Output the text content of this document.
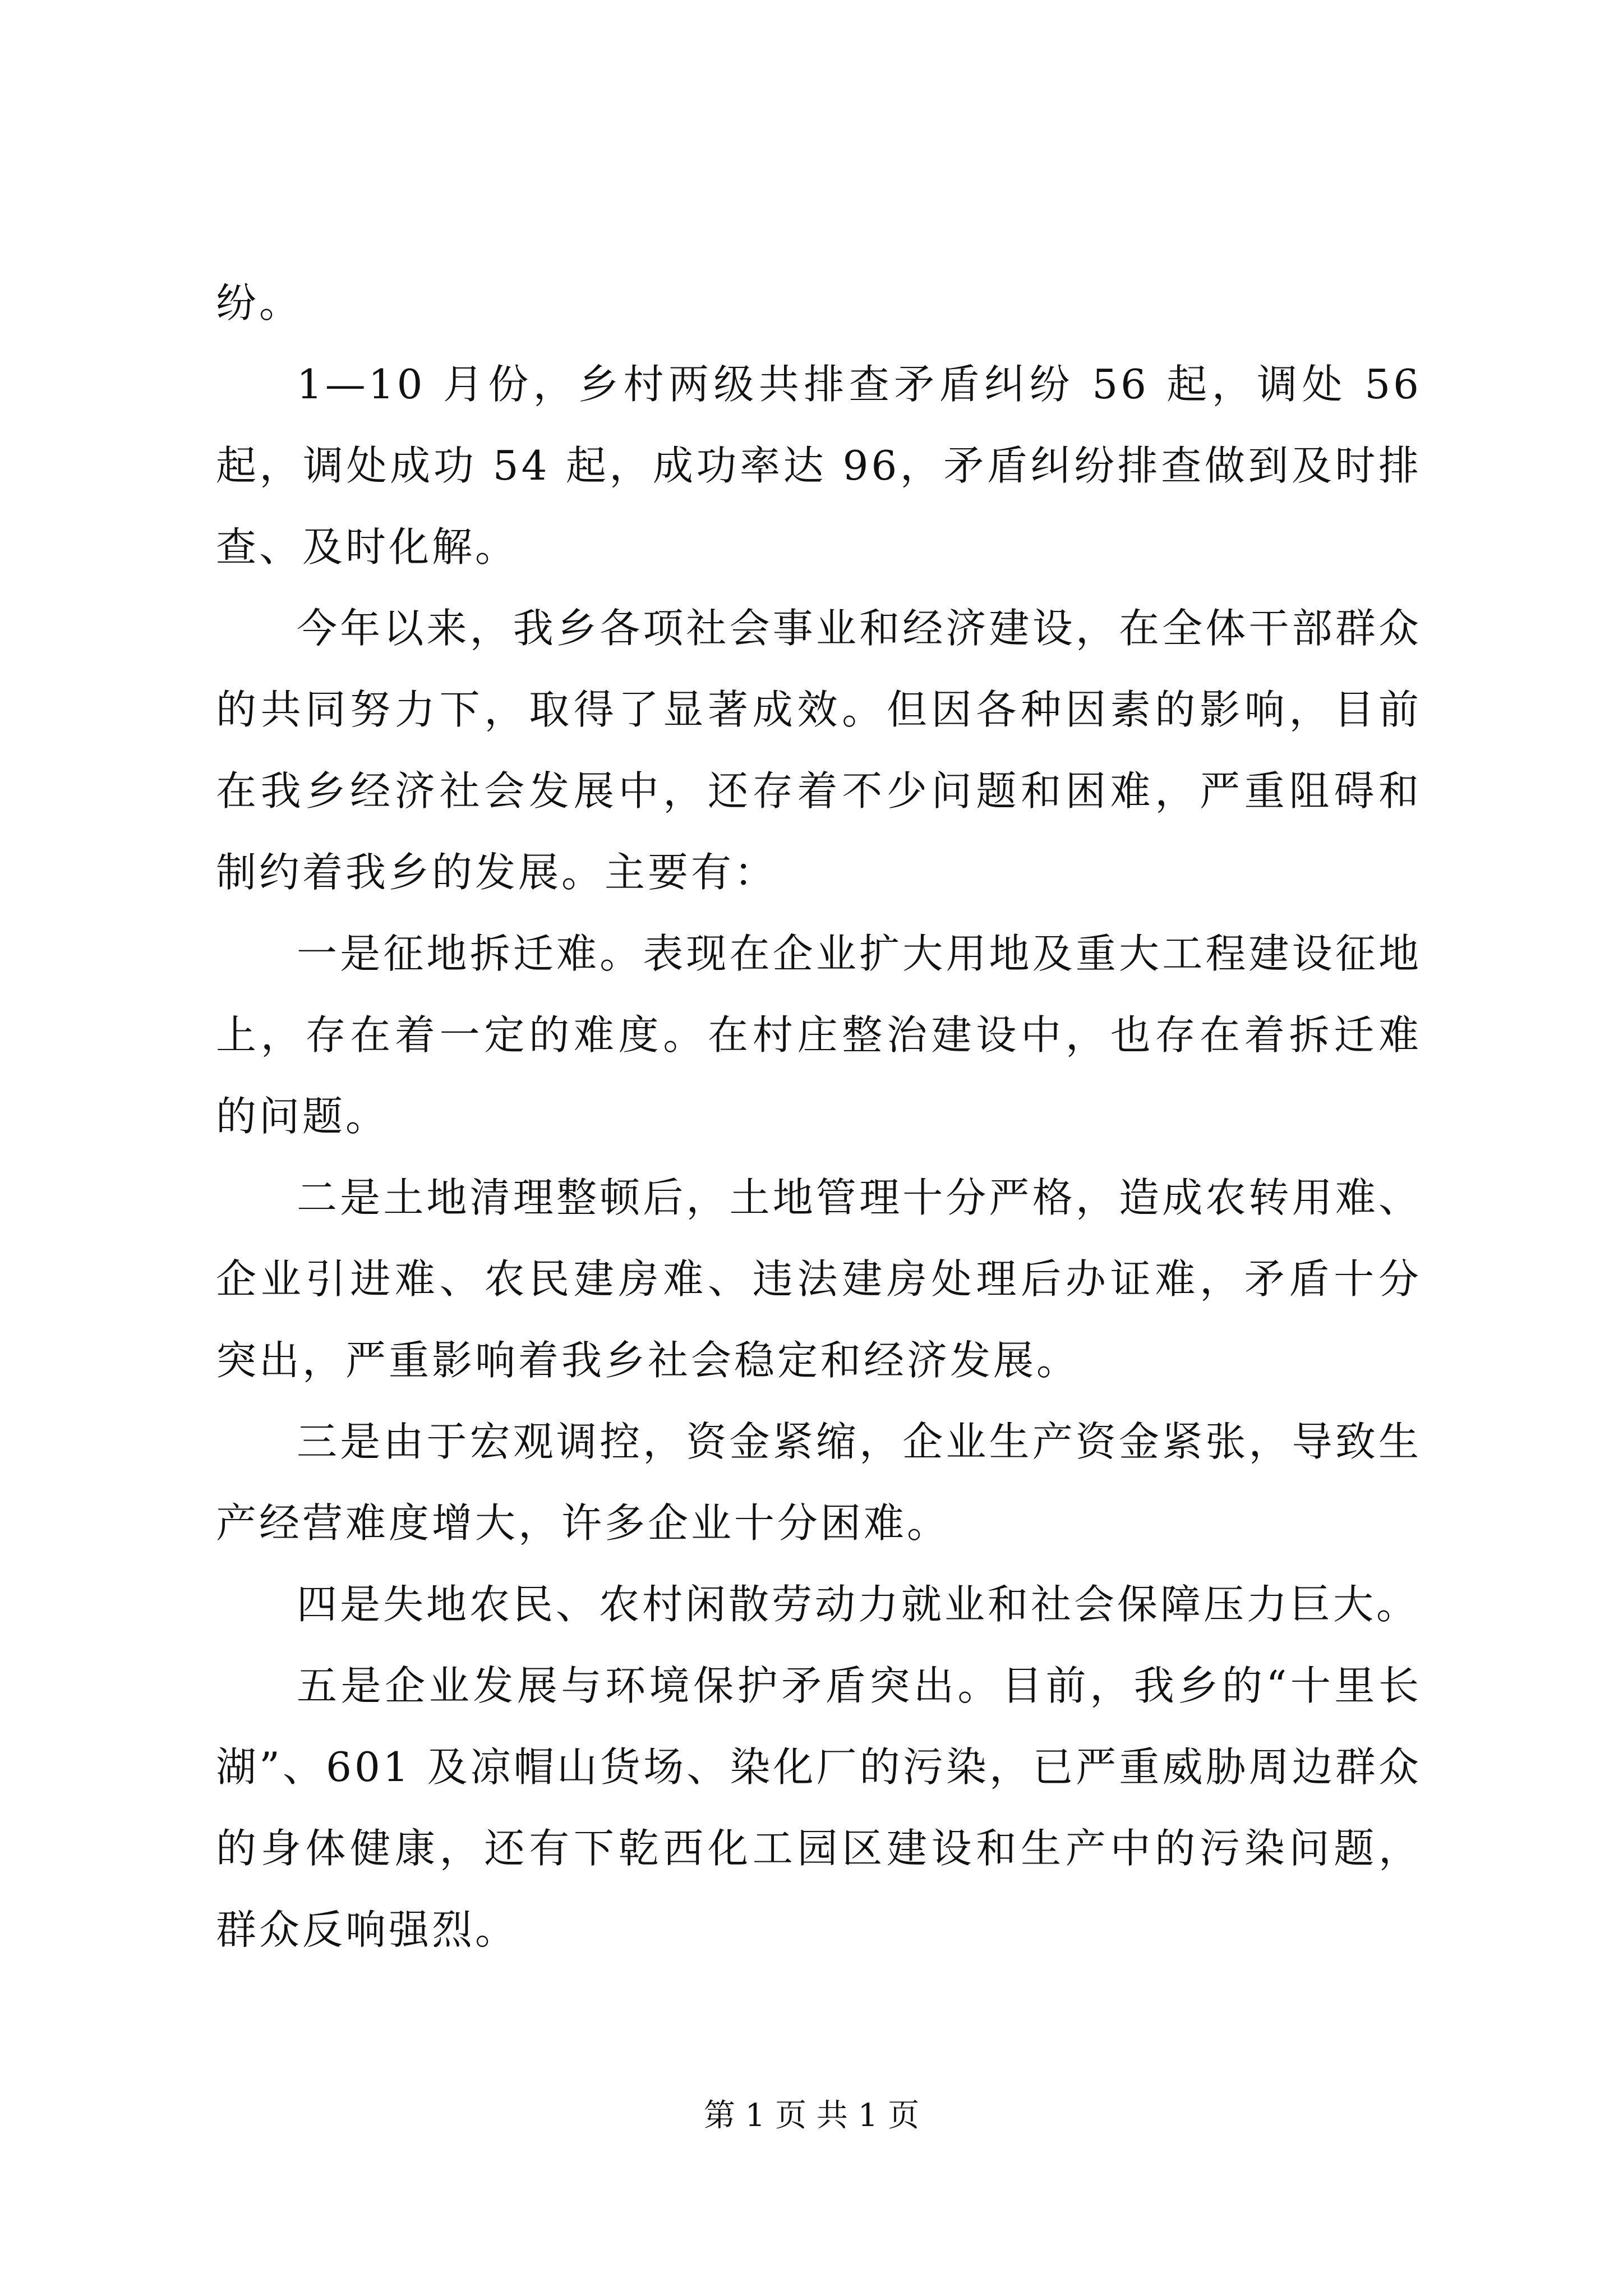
纷。

1—10 月份，乡村两级共排查矛盾纠纷 56 起，调处 56 起，调处成功 54 起，成功率达 96，矛盾纠纷排查做到及时排查、及时化解。

今年以来，我乡各项社会事业和经济建设，在全体干部群众的共同努力下，取得了显著成效。但因各种因素的影响，目前在我乡经济社会发展中，还存着不少问题和困难，严重阻碍和制约着我乡的发展。主要有：

一是征地拆迁难。表现在企业扩大用地及重大工程建设征地上，存在着一定的难度。在村庄整治建设中，也存在着拆迁难的问题。

二是土地清理整顿后，土地管理十分严格，造成农转用难、企业引进难、农民建房难、违法建房处理后办证难，矛盾十分突出，严重影响着我乡社会稳定和经济发展。

三是由于宏观调控，资金紧缩，企业生产资金紧张，导致生产经营难度增大，许多企业十分困难。

四是失地农民、农村闲散劳动力就业和社会保障压力巨大。

五是企业发展与环境保护矛盾突出。目前，我乡的“十里长湖”、601 及凉帽山货场、染化厂的污染，已严重威胁周边群众的身体健康，还有下乾西化工园区建设和生产中的污染问题，群众反响强烈。

第 1 页 共 1 页
